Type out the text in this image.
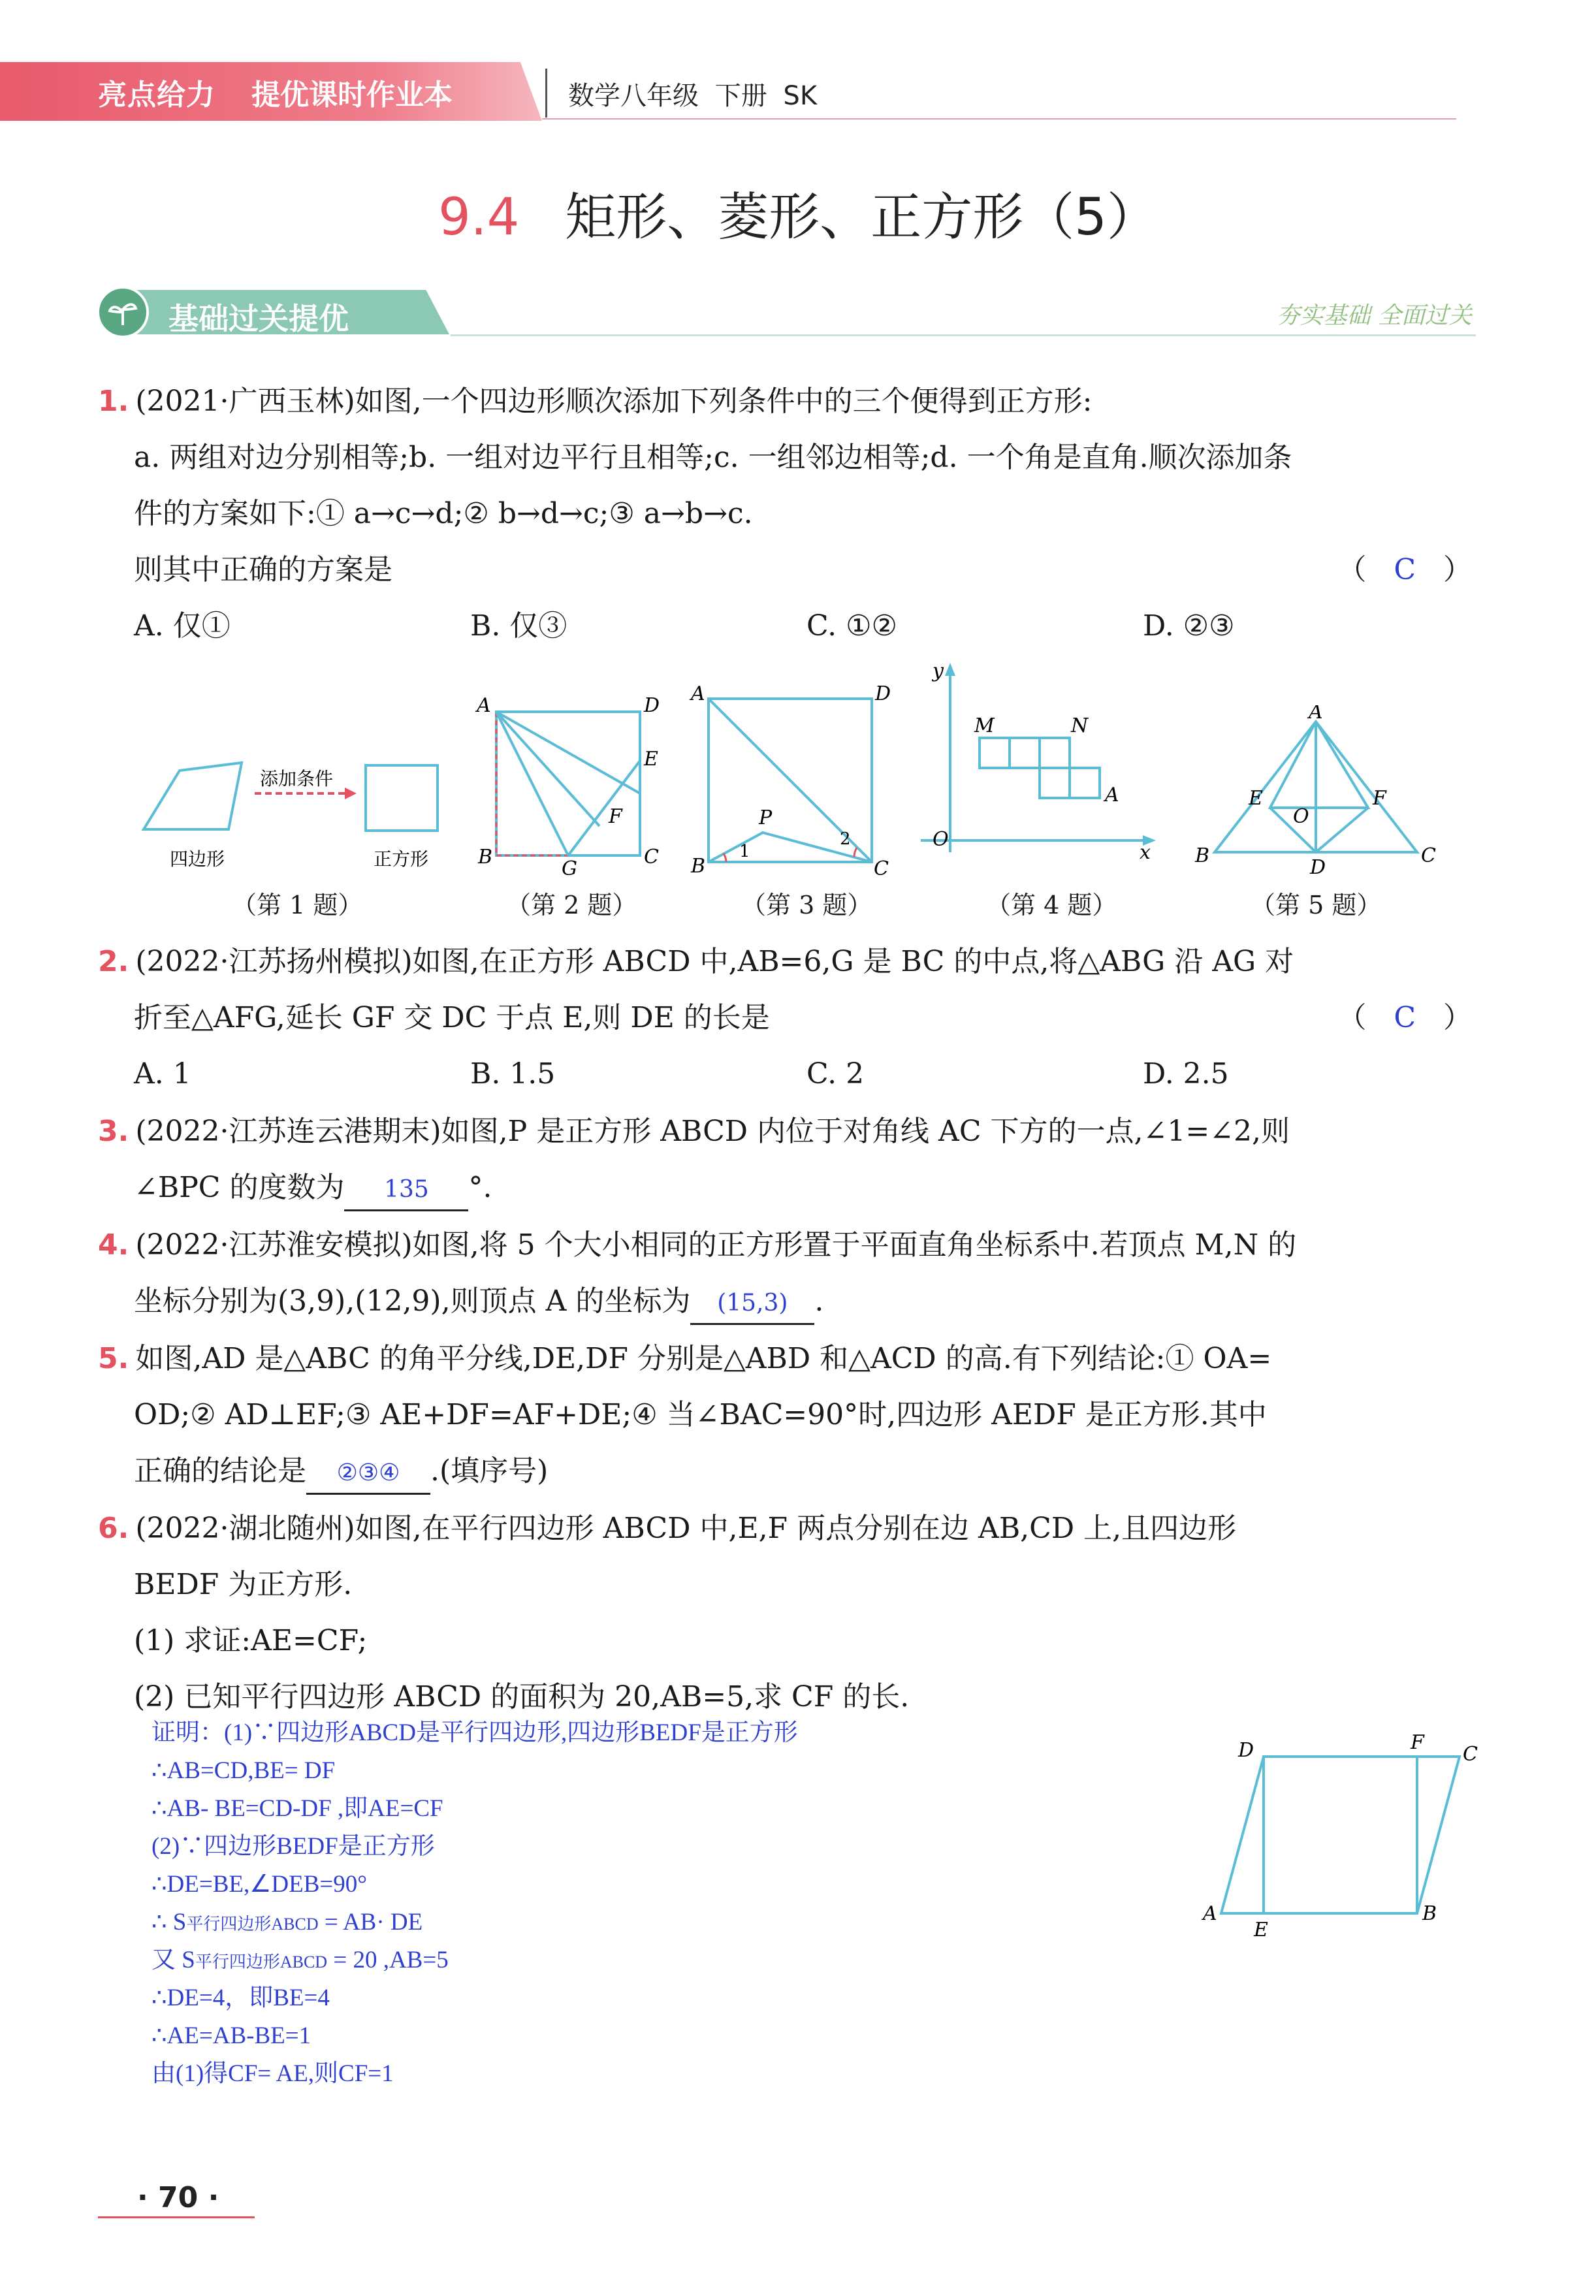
亮点给力 提优课时作业本	数学八年级 下册 SK
9.4 矩形、菱形、正方形（5）
基础过关提优	夯实基础 全面过关
1. (2021·广西玉林)如图,一个四边形顺次添加下列条件中的三个便得到正方形:
a. 两组对边分别相等;b. 一组对边平行且相等;c. 一组邻边相等;d. 一个角是直角.顺次添加条
件的方案如下:① a→c→d;② b→d→c;③ a→b→c.
则其中正确的方案是	（   C   ）
A. 仅①	B. 仅③	C. ①②	D. ②③
添加条件
四边形	正方形
（第 1 题）
A	D
E
F
B
G
C
（第 2 题）
A	D
P
1
2
B	C
（第 3 题）
y
M	N
A
O
x
（第 4 题）
A
E
O
F
B
D
C
（第 5 题）
2. (2022·江苏扬州模拟)如图,在正方形 ABCD 中,AB=6,G 是 BC 的中点,将△ABG 沿 AG 对
折至△AFG,延长 GF 交 DC 于点 E,则 DE 的长是	（   C   ）
A. 1	B. 1.5	C. 2	D. 2.5
3. (2022·江苏连云港期末)如图,P 是正方形 ABCD 内位于对角线 AC 下方的一点,∠1=∠2,则
∠BPC 的度数为 135 °.
4. (2022·江苏淮安模拟)如图,将 5 个大小相同的正方形置于平面直角坐标系中.若顶点 M,N 的
坐标分别为(3,9),(12,9),则顶点 A 的坐标为 (15,3) .
5. 如图,AD 是△ABC 的角平分线,DE,DF 分别是△ABD 和△ACD 的高.有下列结论:① OA=
OD;② AD⊥EF;③ AE+DF=AF+DE;④ 当∠BAC=90°时,四边形 AEDF 是正方形.其中
正确的结论是 ②③④ .(填序号)
6. (2022·湖北随州)如图,在平行四边形 ABCD 中,E,F 两点分别在边 AB,CD 上,且四边形
BEDF 为正方形.
(1) 求证:AE=CF;
(2) 已知平行四边形 ABCD 的面积为 20,AB=5,求 CF 的长.
证明：(1)∵四边形ABCD是平行四边形,四边形BEDF是正方形
∴AB=CD,BE= DF
∴AB- BE=CD-DF ,即AE=CF
(2)∵四边形BEDF是正方形
∴DE=BE,∠DEB=90°
∴ S平行四边形ABCD = AB· DE
又 S平行四边形ABCD = 20 ,AB=5
∴DE=4，即BE=4
∴AE=AB-BE=1
由(1)得CF= AE,则CF=1
D	F
C
A
E
B
· 70 ·
